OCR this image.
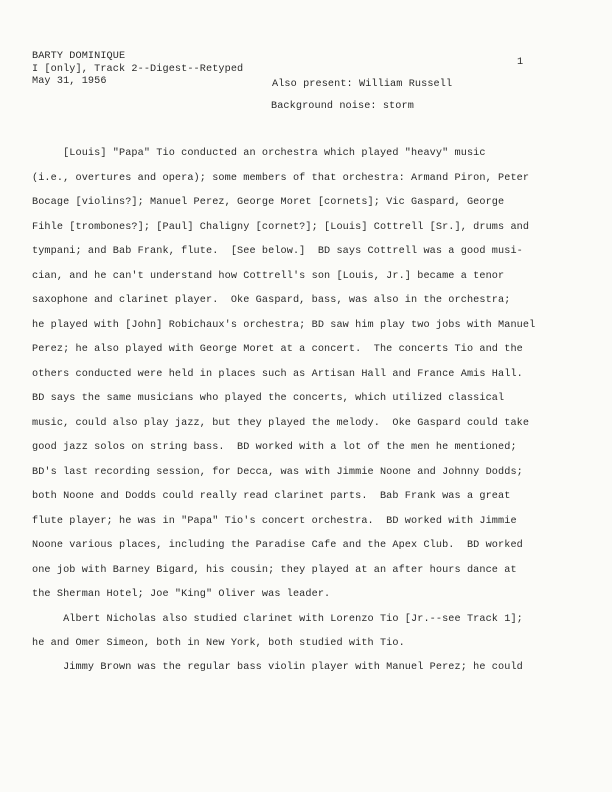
BARTY DOMINIQUE
I [only], Track 2--Digest--Retyped
May 31, 1956
1
Also present: William Russell
Background noise: storm
[Louis] "Papa" Tio conducted an orchestra which played "heavy" music
(i.e., overtures and opera); some members of that orchestra: Armand Piron, Peter
Bocage [violins?]; Manuel Perez, George Moret [cornets]; Vic Gaspard, George
Fihle [trombones?]; [Paul] Chaligny [cornet?]; [Louis] Cottrell [Sr.], drums and
tympani; and Bab Frank, flute.  [See below.]  BD says Cottrell was a good musi-
cian, and he can't understand how Cottrell's son [Louis, Jr.] became a tenor
saxophone and clarinet player.  Oke Gaspard, bass, was also in the orchestra;
he played with [John] Robichaux's orchestra; BD saw him play two jobs with Manuel
Perez; he also played with George Moret at a concert.  The concerts Tio and the
others conducted were held in places such as Artisan Hall and France Amis Hall.
BD says the same musicians who played the concerts, which utilized classical
music, could also play jazz, but they played the melody.  Oke Gaspard could take
good jazz solos on string bass.  BD worked with a lot of the men he mentioned;
BD's last recording session, for Decca, was with Jimmie Noone and Johnny Dodds;
both Noone and Dodds could really read clarinet parts.  Bab Frank was a great
flute player; he was in "Papa" Tio's concert orchestra.  BD worked with Jimmie
Noone various places, including the Paradise Cafe and the Apex Club.  BD worked
one job with Barney Bigard, his cousin; they played at an after hours dance at
the Sherman Hotel; Joe "King" Oliver was leader.
Albert Nicholas also studied clarinet with Lorenzo Tio [Jr.--see Track 1];
he and Omer Simeon, both in New York, both studied with Tio.
Jimmy Brown was the regular bass violin player with Manuel Perez; he could
